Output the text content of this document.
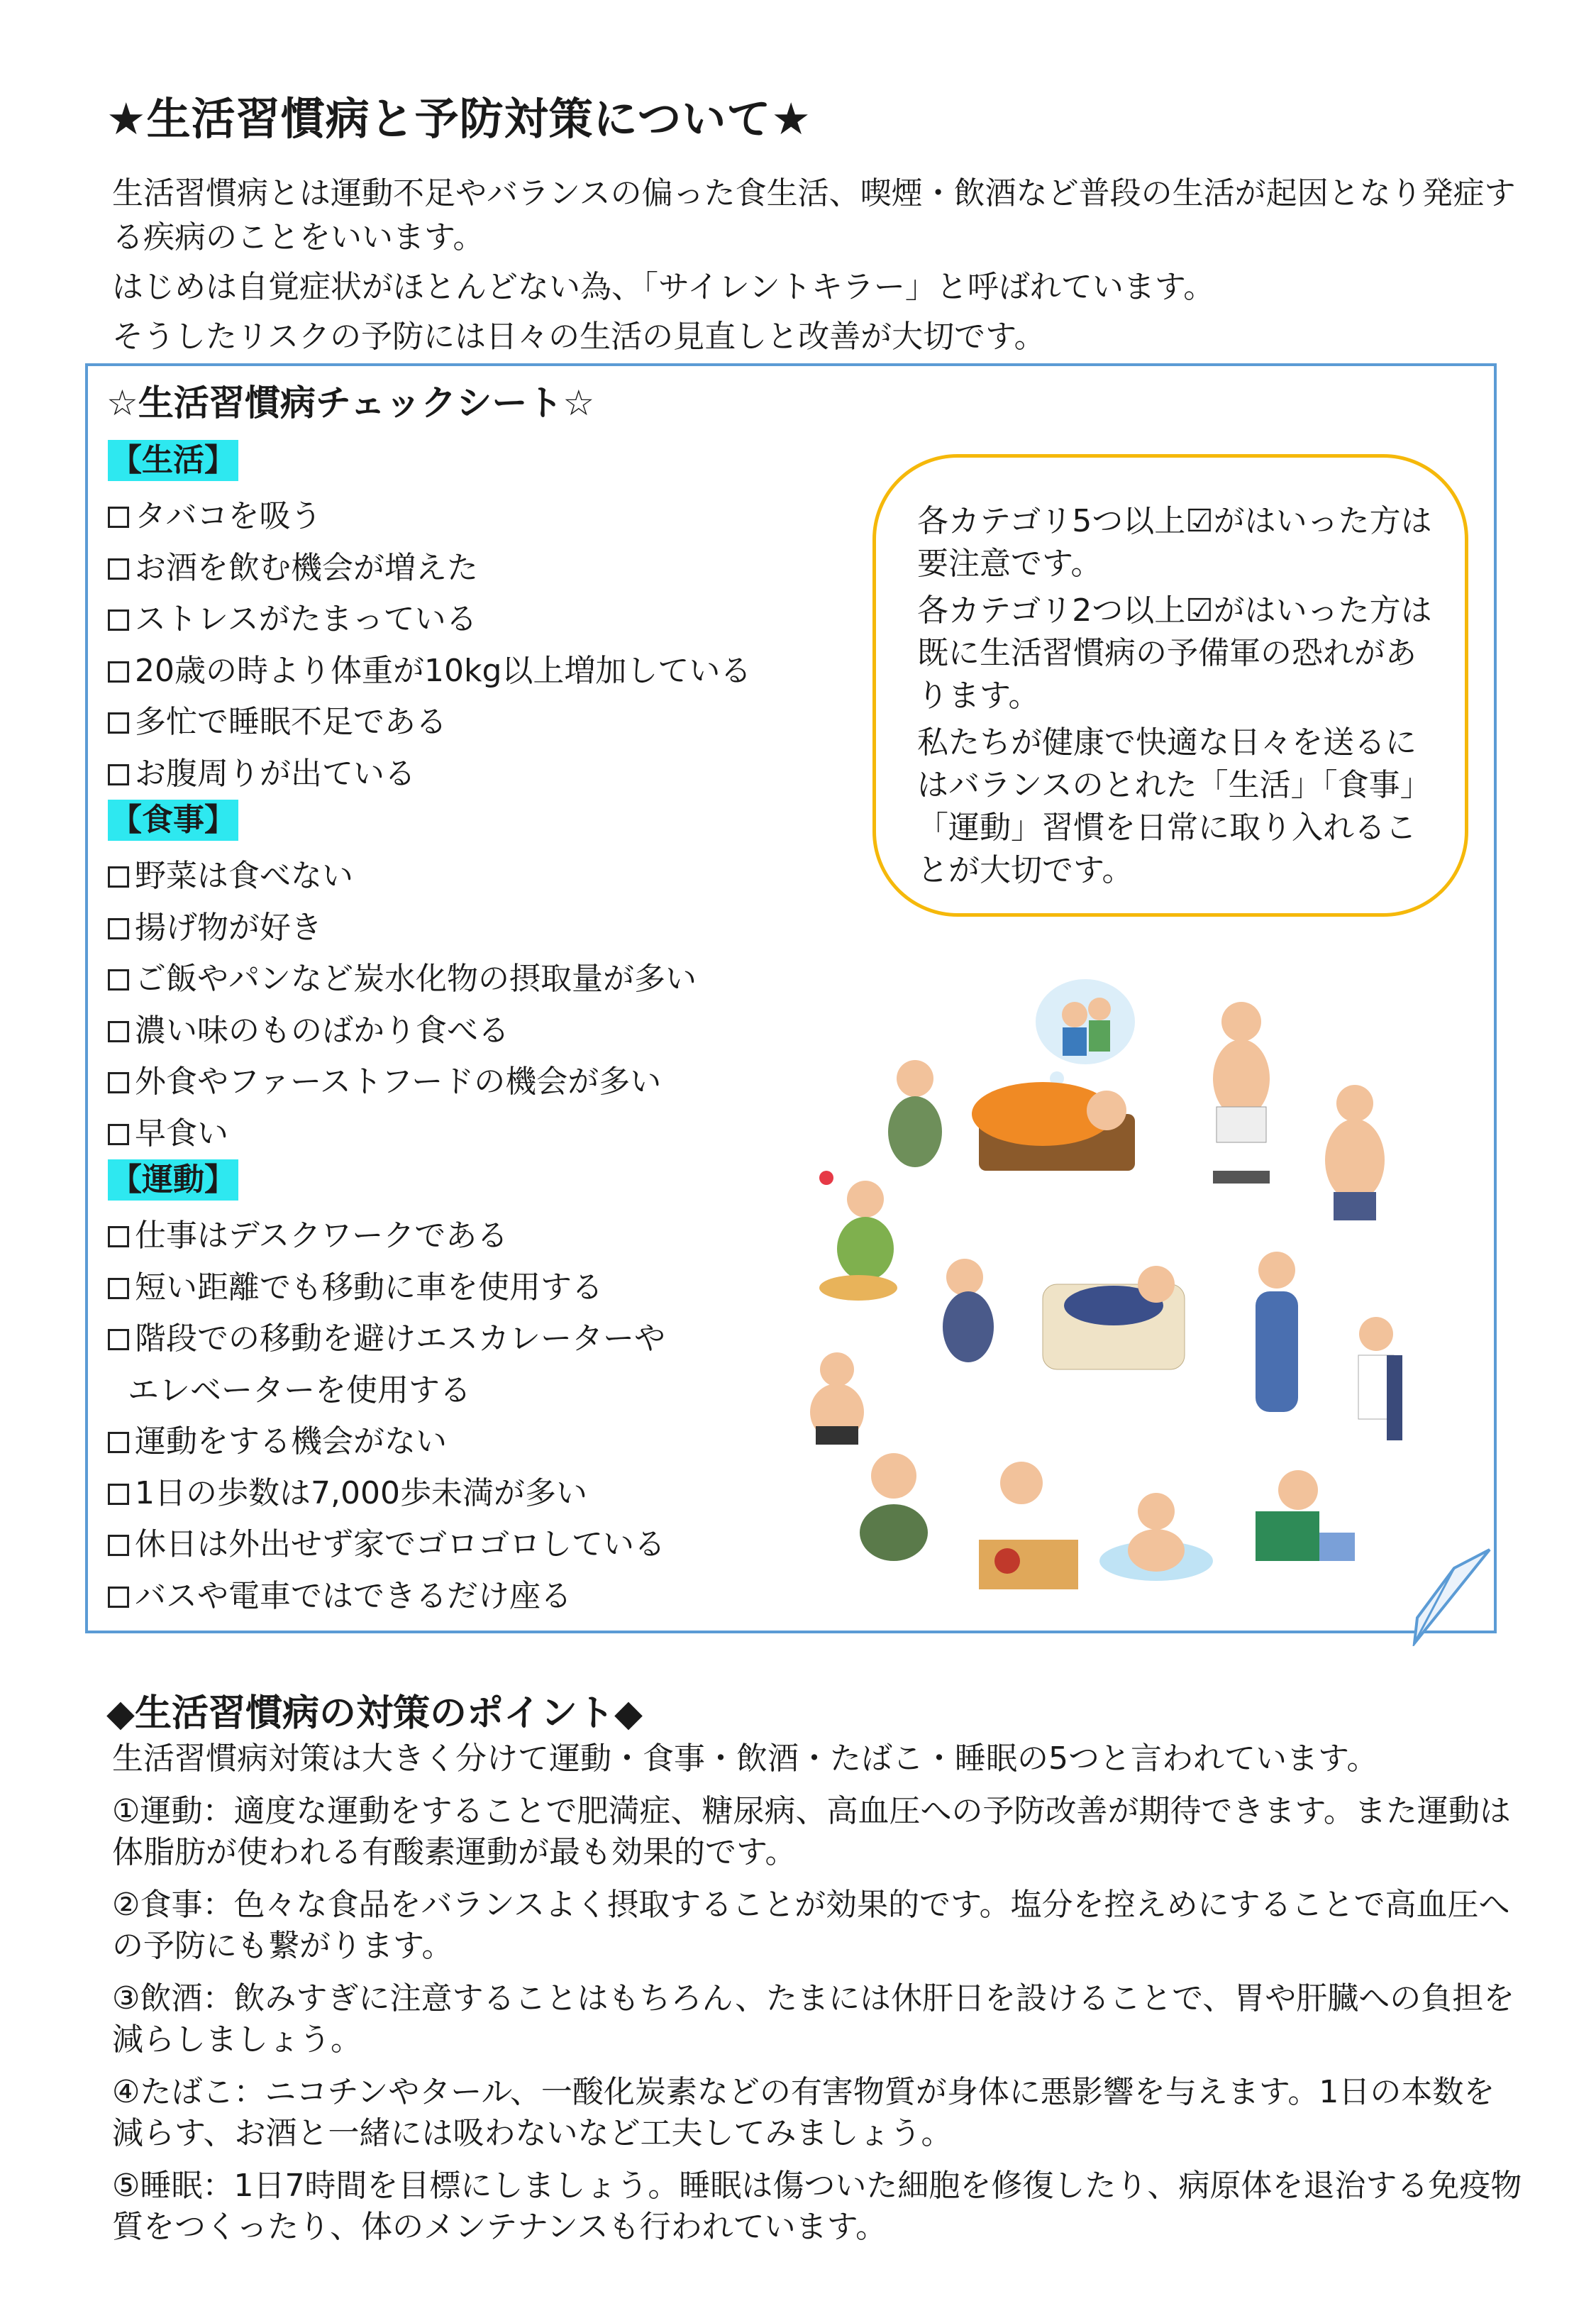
★生活習慣病と予防対策について★

生活習慣病とは運動不足やバランスの偏った食生活、喫煙・飲酒など普段の生活が起因となり発症する疾病のことをいいます。

はじめは自覚症状がほとんどない為、「サイレントキラー」と呼ばれています。

そうしたリスクの予防には日々の生活の見直しと改善が大切です。

☆生活習慣病チェックシート☆
【生活】
タバコを吸う
お酒を飲む機会が増えた
ストレスがたまっている
20歳の時より体重が10kg以上増加している
多忙で睡眠不足である
お腹周りが出ている
【食事】
野菜は食べない
揚げ物が好き
ご飯やパンなど炭水化物の摂取量が多い
濃い味のものばかり食べる
外食やファーストフードの機会が多い
早食い
【運動】
仕事はデスクワークである
短い距離でも移動に車を使用する
階段での移動を避けエスカレーターや
エレベーターを使用する
運動をする機会がない
1日の歩数は7,000歩未満が多い
休日は外出せず家でゴロゴロしている
バスや電車ではできるだけ座る

各カテゴリ5つ以上☑がはいった方は要注意です。

各カテゴリ2つ以上☑がはいった方は既に生活習慣病の予備軍の恐れがあります。

私たちが健康で快適な日々を送るにはバランスのとれた「生活」「食事」「運動」習慣を日常に取り入れることが大切です。

◆生活習慣病の対策のポイント◆

生活習慣病対策は大きく分けて運動・食事・飲酒・たばこ・睡眠の5つと言われています。

①運動：適度な運動をすることで肥満症、糖尿病、高血圧への予防改善が期待できます。また運動は体脂肪が使われる有酸素運動が最も効果的です。

②食事：色々な食品をバランスよく摂取することが効果的です。塩分を控えめにすることで高血圧への予防にも繋がります。

③飲酒：飲みすぎに注意することはもちろん、たまには休肝日を設けることで、胃や肝臓への負担を減らしましょう。

④たばこ：ニコチンやタール、一酸化炭素などの有害物質が身体に悪影響を与えます。1日の本数を減らす、お酒と一緒には吸わないなど工夫してみましょう。

⑤睡眠：1日7時間を目標にしましょう。睡眠は傷ついた細胞を修復したり、病原体を退治する免疫物質をつくったり、体のメンテナンスも行われています。
